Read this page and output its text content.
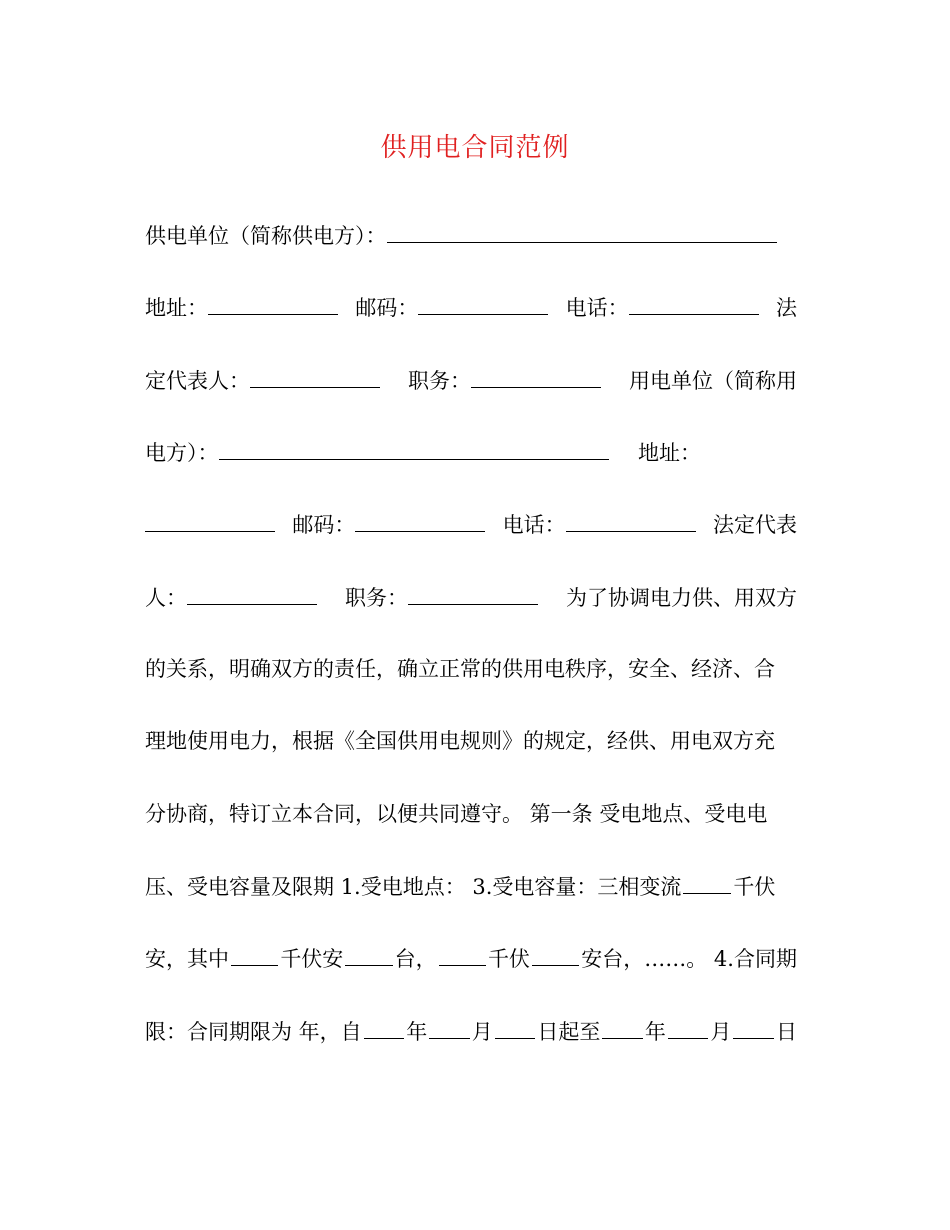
供用电合同范例
供电单位（简称供电方）：
地址：	邮码：	电话：	法
定代表人：	职务：	用电单位（简称用
电方）：	地址：
邮码：	电话：	法定代表
人：	职务：	为了协调电力供、用双方
的关系，明确双方的责任，确立正常的供用电秩序，安全、经济、合
理地使用电力，根据《全国供用电规则》的规定，经供、用电双方充
分协商，特订立本合同，以便共同遵守。 第一条 受电地点、受电电
压、受电容量及限期 1.受电地点： 3.受电容量：三相变流 千伏
安，其中 千伏安 台， 千伏 安台，……。 4.合同期
限：合同期限为 年，自 年 月 日起至 年 月 日
